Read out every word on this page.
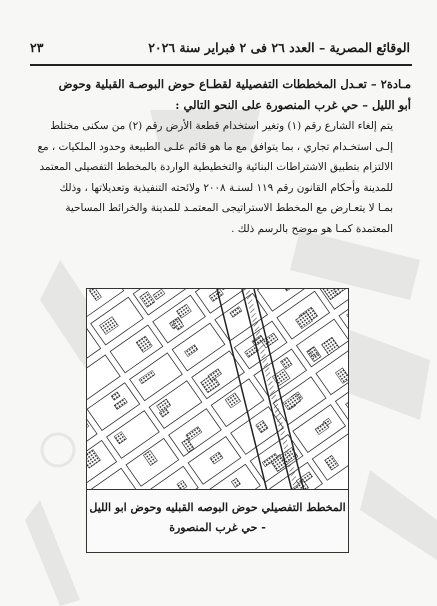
الوقائع المصرية – العدد ٢٦ فى ٢ فبراير سنة ٢٠٢٦
٢٣

مـادة٢ – تعـدل المخططات التفصيلية لقطـاع حوض البوصـة القبلية وحوض

أبو الليل – حي غرب المنصورة على النحو التالي :

يتم إلغاء الشارع رقم (١) وتغير استخدام قطعة الأرض رقم (٢) من سكنى مختلط

إلـى استخـدام تجاري ، بما يتوافق مع ما هو قائم علـى الطبيعة وحدود الملكيات ، مع

الالتزام بتطبيق الاشتراطات البنائية والتخطيطية الواردة بالمخطط التفصيلى المعتمد

للمدينة وأحكام القانون رقم ١١٩ لسنـة ٢٠٠٨ ولائحته التنفيذية وتعديلاتها ، وذلك

بمـا لا يتعـارض مع المخطط الاستراتيجى المعتمـد للمدينة والخرائط المساحية

المعتمدة كمـا هو موضح بالرسم ذلك .

المخطط التفصيلي حوض البوصه القبليه وحوض ابو الليل
- حي غرب المنصورة
